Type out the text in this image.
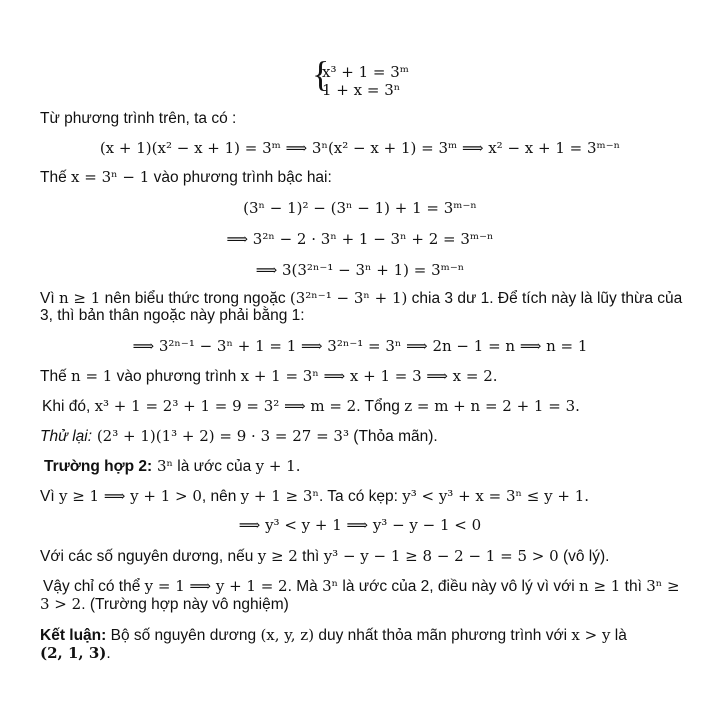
{
x³ + 1 = 3ᵐ
1 + x = 3ⁿ
Từ phương trình trên, ta có :
(x + 1)(x² − x + 1) = 3ᵐ ⟹ 3ⁿ(x² − x + 1) = 3ᵐ ⟹ x² − x + 1 = 3ᵐ⁻ⁿ
Thế x = 3ⁿ − 1 vào phương trình bậc hai:
(3ⁿ − 1)² − (3ⁿ − 1) + 1 = 3ᵐ⁻ⁿ
⟹ 3²ⁿ − 2 · 3ⁿ + 1 − 3ⁿ + 2 = 3ᵐ⁻ⁿ
⟹ 3(3²ⁿ⁻¹ − 3ⁿ + 1) = 3ᵐ⁻ⁿ
Vì n ≥ 1 nên biểu thức trong ngoặc (3²ⁿ⁻¹ − 3ⁿ + 1) chia 3 dư 1. Để tích này là lũy thừa của
3, thì bản thân ngoặc này phải bằng 1:
⟹ 3²ⁿ⁻¹ − 3ⁿ + 1 = 1 ⟹ 3²ⁿ⁻¹ = 3ⁿ ⟹ 2n − 1 = n ⟹ n = 1
Thế n = 1 vào phương trình x + 1 = 3ⁿ ⟹ x + 1 = 3 ⟹ x = 2.
Khi đó, x³ + 1 = 2³ + 1 = 9 = 3² ⟹ m = 2. Tổng z = m + n = 2 + 1 = 3.
Thử lại: (2³ + 1)(1³ + 2) = 9 · 3 = 27 = 3³ (Thỏa mãn).
Trường hợp 2: 3ⁿ là ước của y + 1.
Vì y ≥ 1 ⟹ y + 1 > 0, nên y + 1 ≥ 3ⁿ. Ta có kẹp: y³ < y³ + x = 3ⁿ ≤ y + 1.
⟹ y³ < y + 1 ⟹ y³ − y − 1 < 0
Với các số nguyên dương, nếu y ≥ 2 thì y³ − y − 1 ≥ 8 − 2 − 1 = 5 > 0 (vô lý).
Vậy chỉ có thể y = 1 ⟹ y + 1 = 2. Mà 3ⁿ là ước của 2, điều này vô lý vì với n ≥ 1 thì 3ⁿ ≥
3 > 2. (Trường hợp này vô nghiệm)
Kết luận: Bộ số nguyên dương (x, y, z) duy nhất thỏa mãn phương trình với x > y là
(2, 1, 3).
